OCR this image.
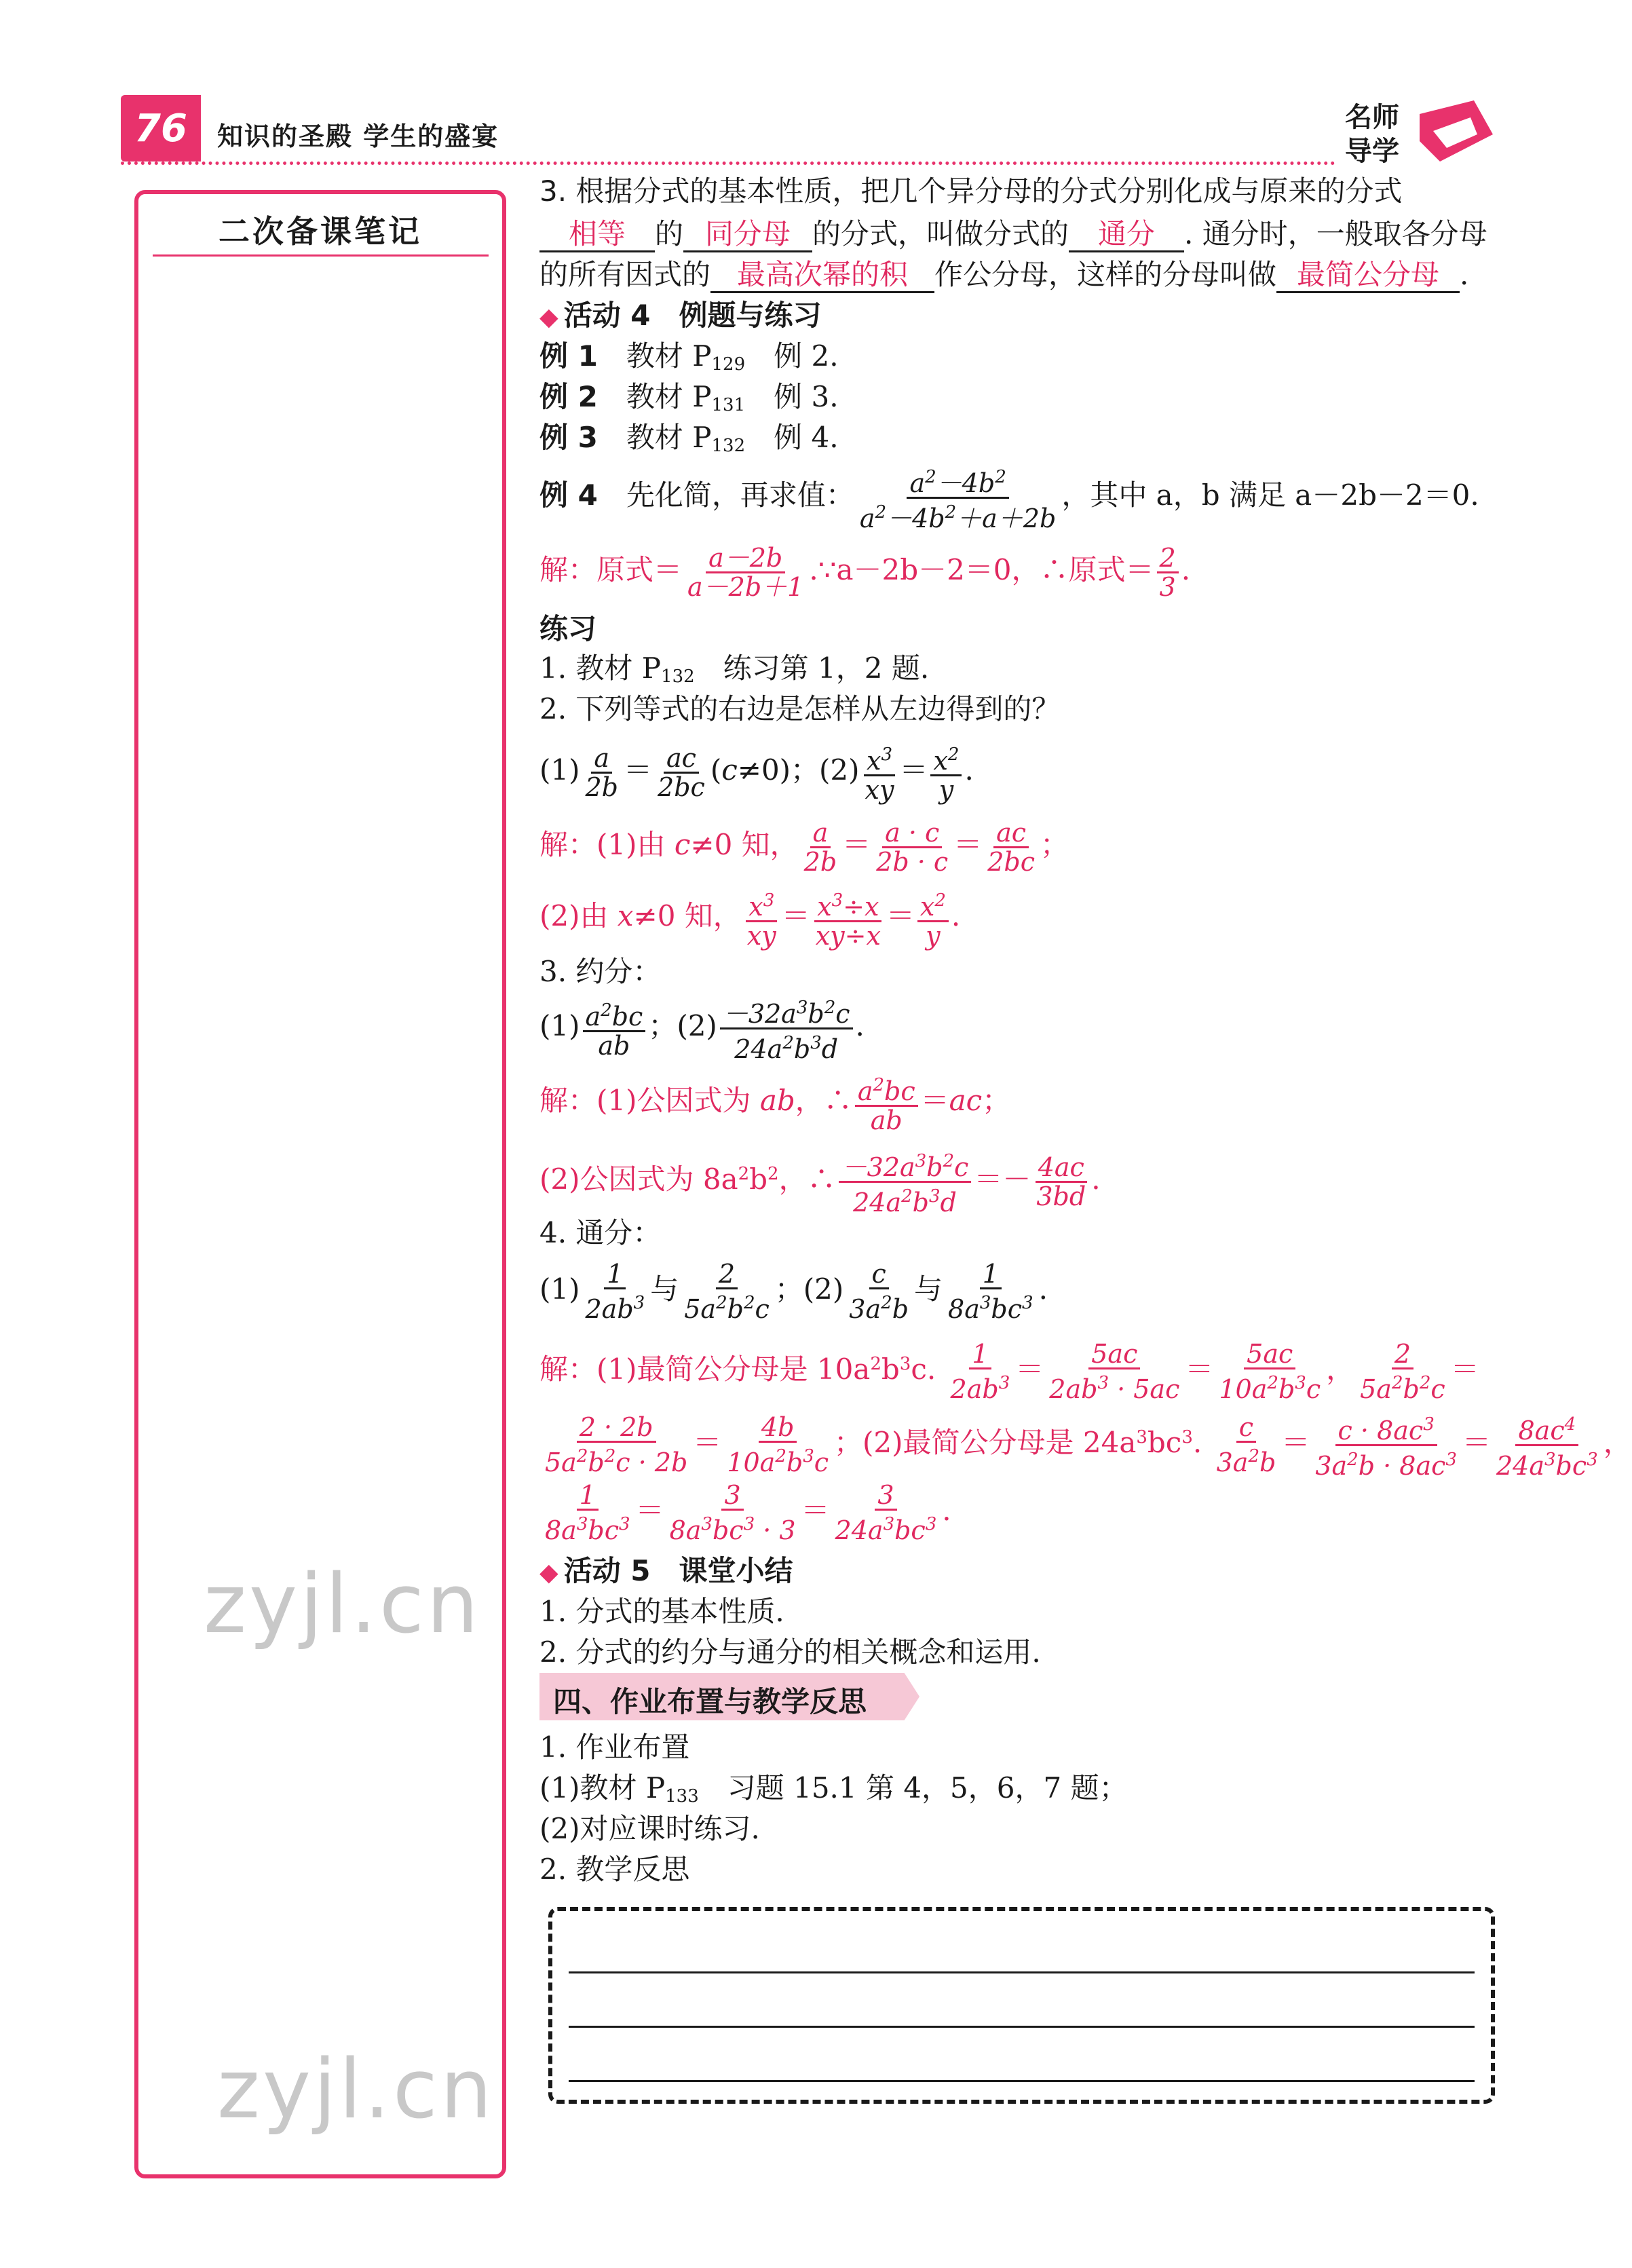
76	知识的圣殿 学生的盛宴
名师
导学
二次备课笔记
zyjl.cn
zyjl.cn
3. 根据分式的基本性质，把几个异分母的分式分别化成与原来的分式
相等 的 同分母 的分式，叫做分式的 通分 . 通分时，一般取各分母
的所有因式的 最高次幂的积 作公分母，这样的分母叫做 最简公分母 .
◆ 活动 4　例题与练习
例 1　 教材 $P_{129}$　 例 2.
例 2　 教材 $P_{131}$　 例 3.
例 3　 教材 $P_{132}$　 例 4.
例 4　 先化简，再求值： $\frac{a^2-4b^2}{a^2-4b^2+a+2b}$ ，其中 a，b 满足 a－2b－2＝0.
解：原式＝ $\frac{a-2b}{a-2b+1}$ .∵a－2b－2＝0，∴原式＝ $\frac{2}{3}$ .
练习
1. 教材 $P_{132}$　 练习第 1，2 题.
2. 下列等式的右边是怎样从左边得到的？
$(1) \frac{a}{2b} = \frac{ac}{2bc} (c\ne 0)$；$(2) \frac{x^3}{xy} = \frac{x^2}{y}$ .
解：(1)由 c≠0 知， $\frac{a}{2b} = \frac{a \cdot c}{2b \cdot c} = \frac{ac}{2bc}$ ；
(2)由 x≠0 知， $\frac{x^3}{xy} = \frac{x^3\div x}{xy\div x} = \frac{x^2}{y}$ .
3. 约分：
$(1) \frac{a^2bc}{ab}$ ；$(2) \frac{-32a^3b^2c}{24a^2b^3d}$ .
解：(1)公因式为 ab，∴ $\frac{a^2bc}{ab} =ac$；
(2)公因式为 $8a^2b^2$，∴ $\frac{-32a^3b^2c}{24a^2b^3d} =- \frac{4ac}{3bd}$ .
4. 通分：
$(1) \frac{1}{2ab^3}$ 与 $\frac{2}{5a^2b^2c}$ ；$(2) \frac{c}{3a^2b}$ 与 $\frac{1}{8a^3bc^3}$ .
解：(1)最简公分母是 $10a^2b^3c$. $\frac{1}{2ab^3} = \frac{5ac}{2ab^3 \cdot 5ac} = \frac{5ac}{10a^2b^3c}$ ， $\frac{2}{5a^2b^2c}$ ＝
$\frac{2 \cdot 2b}{5a^2b^2c \cdot 2b} = \frac{4b}{10a^2b^3c}$ ；(2)最简公分母是 $24a^3bc^3$. $\frac{c}{3a^2b} = \frac{c \cdot 8ac^3}{3a^2b \cdot 8ac^3} = \frac{8ac^4}{24a^3bc^3}$ ，
$\frac{1}{8a^3bc^3} = \frac{3}{8a^3bc^3 \cdot 3} = \frac{3}{24a^3bc^3}$ .
◆ 活动 5　课堂小结
1. 分式的基本性质.
2. 分式的约分与通分的相关概念和运用.
四、作业布置与教学反思
1. 作业布置
(1)教材 $P_{133}$　 习题 15.1 第 4，5，6，7 题；
(2)对应课时练习.
2. 教学反思
